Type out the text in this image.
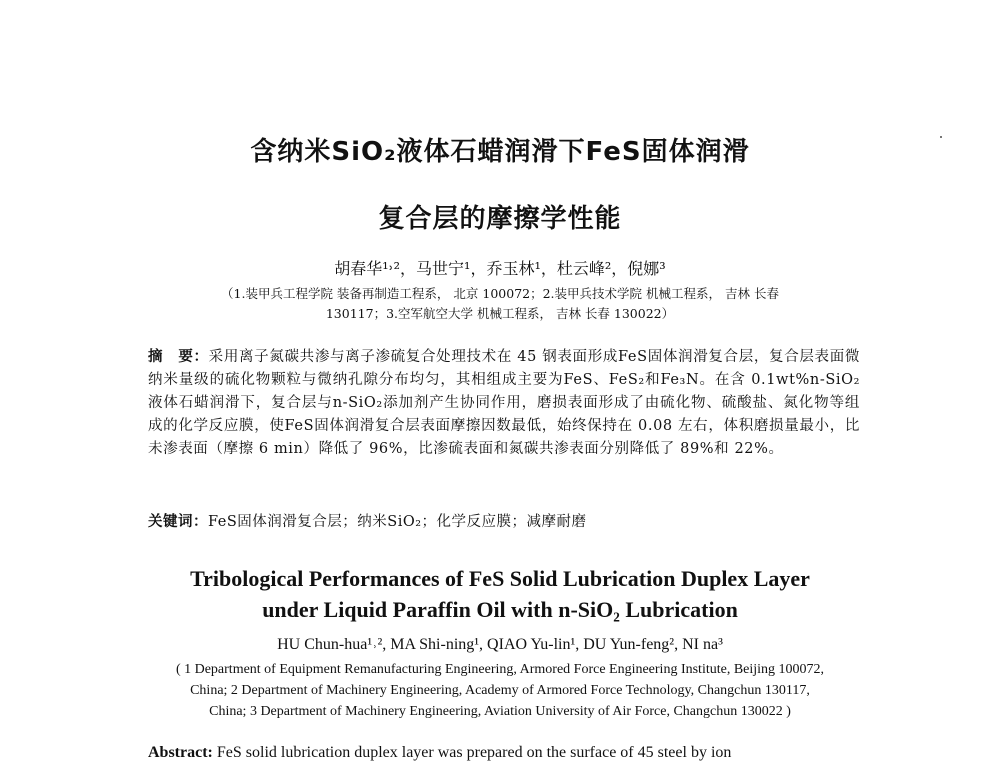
含纳米SiO₂液体石蜡润滑下FeS固体润滑
复合层的摩擦学性能
胡春华¹˒²，马世宁¹，乔玉林¹，杜云峰²，倪娜³
（1.装甲兵工程学院 装备再制造工程系， 北京 100072；2.装甲兵技术学院 机械工程系， 吉林 长春
130117；3.空军航空大学 机械工程系， 吉林 长春 130022）
摘　要：采用离子氮碳共渗与离子渗硫复合处理技术在 45 钢表面形成FeS固体润滑复合层，复合层表面微纳米量级的硫化物颗粒与微纳孔隙分布均匀，其相组成主要为FeS、FeS₂和Fe₃N。在含 0.1wt%n-SiO₂液体石蜡润滑下，复合层与n-SiO₂添加剂产生协同作用，磨损表面形成了由硫化物、硫酸盐、氮化物等组成的化学反应膜，使FeS固体润滑复合层表面摩擦因数最低，始终保持在 0.08 左右，体积磨损量最小，比未渗表面（摩擦 6 min）降低了 96%，比渗硫表面和氮碳共渗表面分别降低了 89%和 22%。
关键词：FeS固体润滑复合层；纳米SiO₂；化学反应膜；减摩耐磨
Tribological Performances of FeS Solid Lubrication Duplex Layer
under Liquid Paraffin Oil with n-SiO₂ Lubrication
HU Chun-hua¹˒², MA Shi-ning¹, QIAO Yu-lin¹, DU Yun-feng², NI na³
( 1 Department of Equipment Remanufacturing Engineering, Armored Force Engineering Institute, Beijing 100072,
China; 2 Department of Machinery Engineering, Academy of Armored Force Technology, Changchun 130117,
China; 3 Department of Machinery Engineering, Aviation University of Air Force, Changchun 130022 )
Abstract: FeS solid lubrication duplex layer was prepared on the surface of 45 steel by ion
